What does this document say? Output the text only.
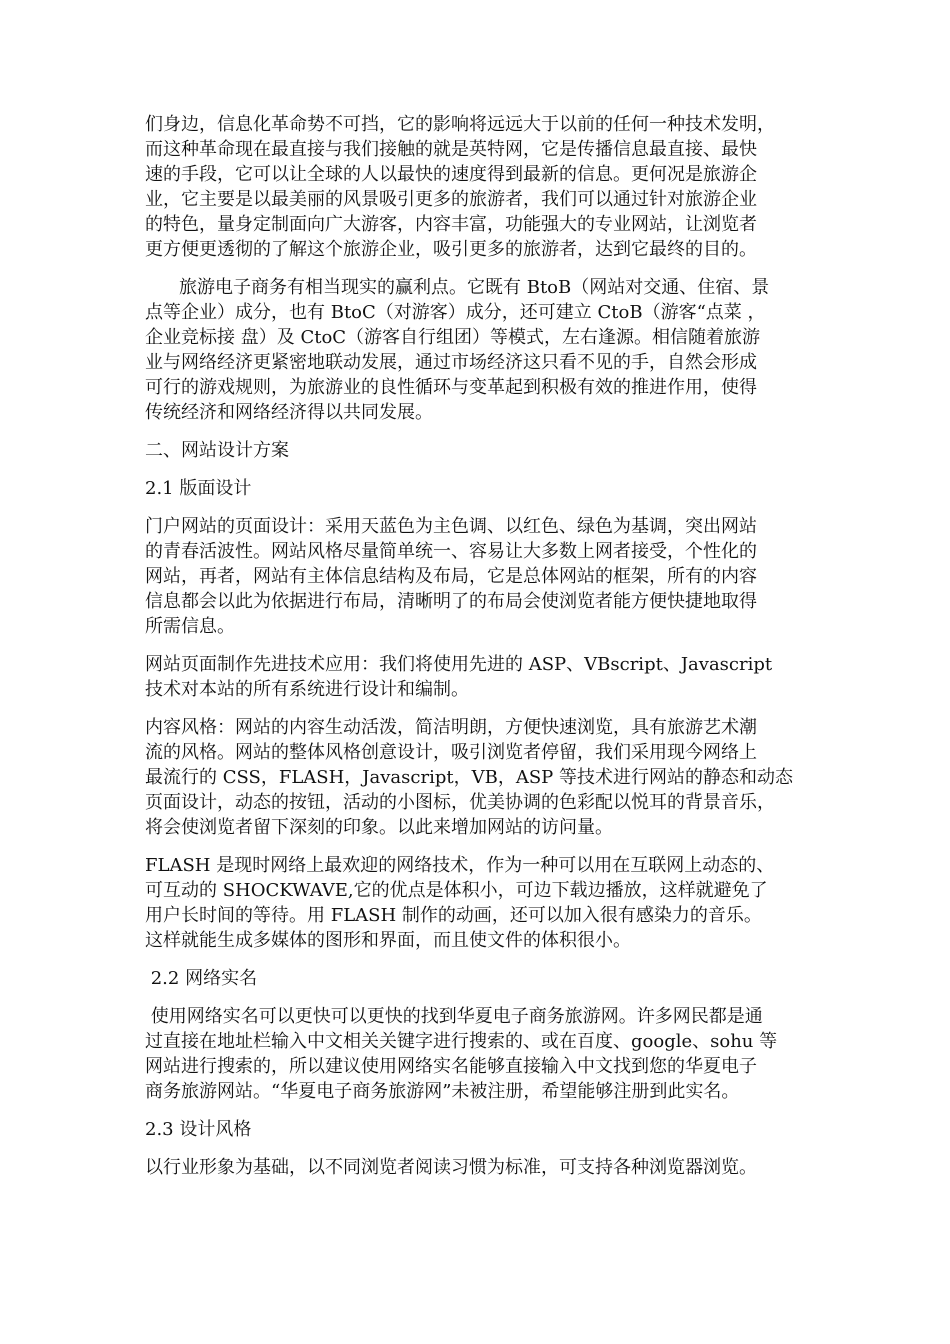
们身边，信息化革命势不可挡，它的影响将远远大于以前的任何一种技术发明，
而这种革命现在最直接与我们接触的就是英特网，它是传播信息最直接、最快
速的手段，它可以让全球的人以最快的速度得到最新的信息。更何况是旅游企
业，它主要是以最美丽的风景吸引更多的旅游者，我们可以通过针对旅游企业
的特色，量身定制面向广大游客，内容丰富，功能强大的专业网站，让浏览者
更方便更透彻的了解这个旅游企业，吸引更多的旅游者，达到它最终的目的。
旅游电子商务有相当现实的赢利点。它既有 BtoB（网站对交通、住宿、景
点等企业）成分，也有 BtoC（对游客）成分，还可建立 CtoB（游客“点菜 ，
企业竞标接 盘）及 CtoC（游客自行组团）等模式，左右逢源。相信随着旅游
业与网络经济更紧密地联动发展，通过市场经济这只看不见的手，自然会形成
可行的游戏规则，为旅游业的良性循环与变革起到积极有效的推进作用，使得
传统经济和网络经济得以共同发展。
二、网站设计方案
2.1 版面设计
门户网站的页面设计：采用天蓝色为主色调、以红色、绿色为基调，突出网站
的青春活波性。网站风格尽量简单统一、容易让大多数上网者接受，个性化的
网站，再者，网站有主体信息结构及布局，它是总体网站的框架，所有的内容
信息都会以此为依据进行布局，清晰明了的布局会使浏览者能方便快捷地取得
所需信息。
网站页面制作先进技术应用：我们将使用先进的 ASP、VBscript、Javascript
技术对本站的所有系统进行设计和编制。
内容风格：网站的内容生动活泼，简洁明朗，方便快速浏览，具有旅游艺术潮
流的风格。网站的整体风格创意设计，吸引浏览者停留，我们采用现今网络上
最流行的 CSS，FLASH，Javascript，VB，ASP 等技术进行网站的静态和动态
页面设计，动态的按钮，活动的小图标，优美协调的色彩配以悦耳的背景音乐，
将会使浏览者留下深刻的印象。以此来增加网站的访问量。
FLASH 是现时网络上最欢迎的网络技术，作为一种可以用在互联网上动态的、
可互动的 SHOCKWAVE,它的优点是体积小，可边下载边播放，这样就避免了
用户长时间的等待。用 FLASH 制作的动画，还可以加入很有感染力的音乐。
这样就能生成多媒体的图形和界面，而且使文件的体积很小。
2.2 网络实名
使用网络实名可以更快可以更快的找到华夏电子商务旅游网。许多网民都是通
过直接在地址栏输入中文相关关键字进行搜索的、或在百度、google、sohu 等
网站进行搜索的，所以建议使用网络实名能够直接输入中文找到您的华夏电子
商务旅游网站。“华夏电子商务旅游网”未被注册，希望能够注册到此实名。
2.3 设计风格
以行业形象为基础，以不同浏览者阅读习惯为标准，可支持各种浏览器浏览。
